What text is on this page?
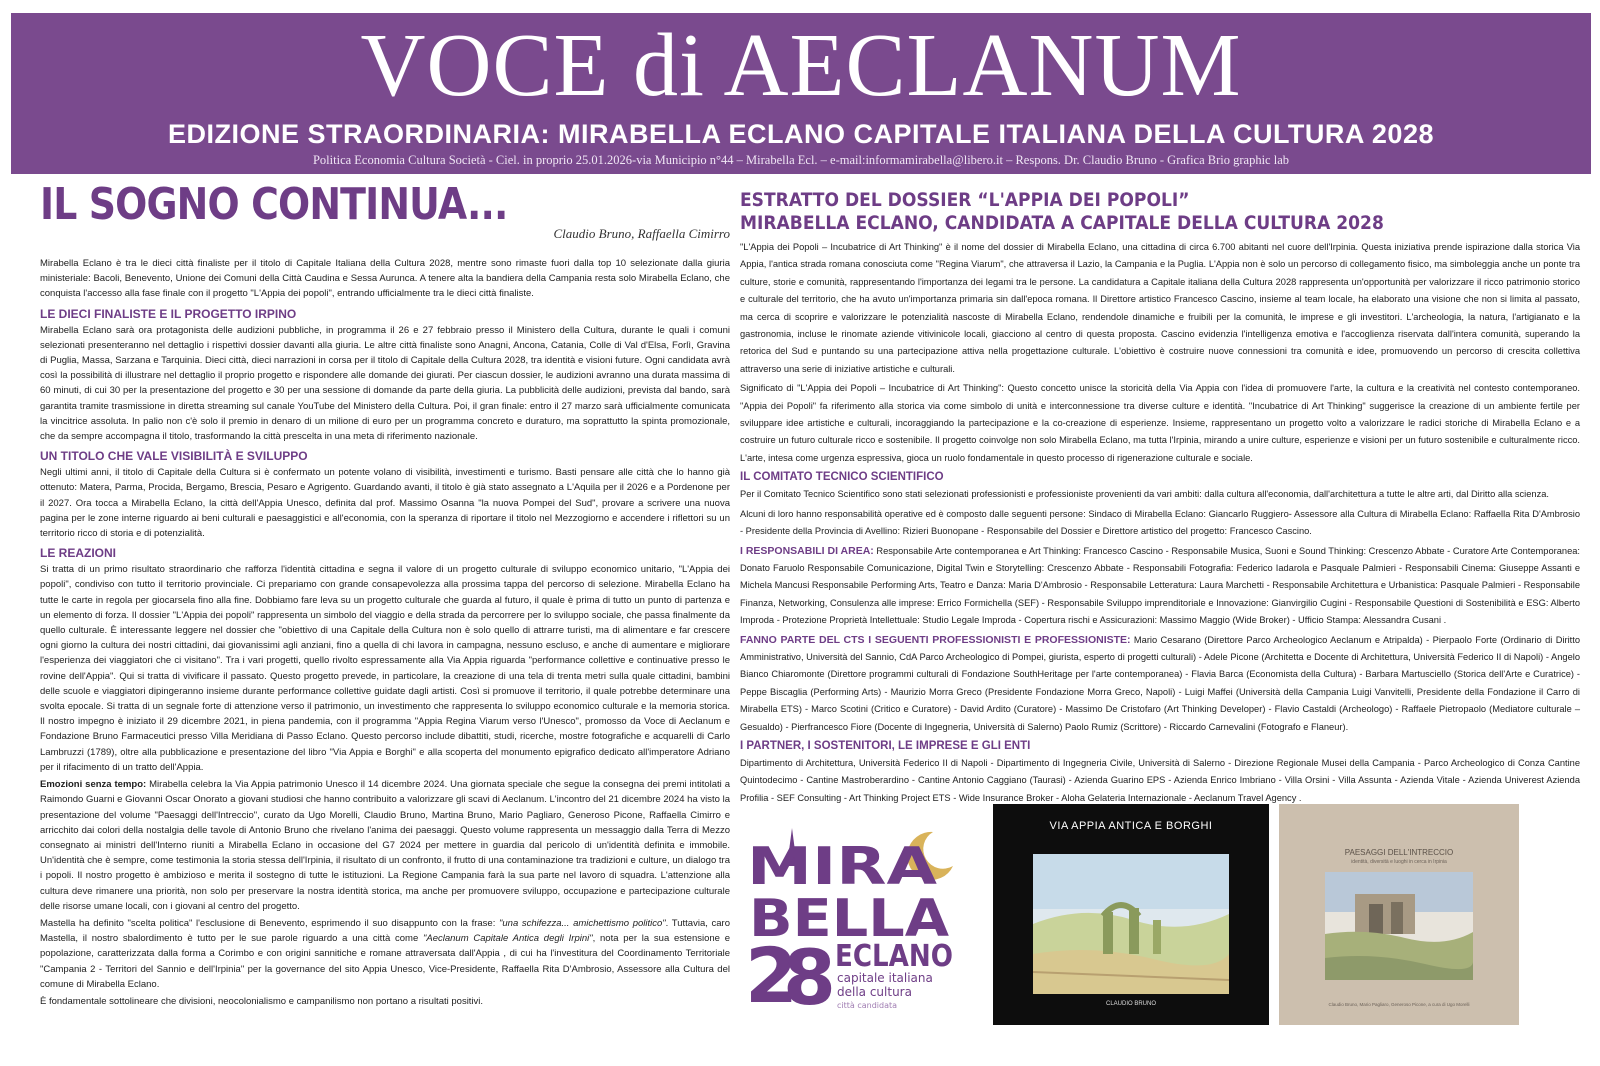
VOCE di AECLANUM
EDIZIONE STRAORDINARIA: MIRABELLA ECLANO CAPITALE ITALIANA DELLA CULTURA 2028
Politica Economia Cultura Società - Ciel. in proprio 25.01.2026-via Municipio n°44 – Mirabella Ecl. – e-mail:informamirabella@libero.it – Respons. Dr. Claudio Bruno - Grafica Brio graphic lab
IL SOGNO CONTINUA...
Claudio Bruno, Raffaella Cimirro

Mirabella Eclano è tra le dieci città finaliste per il titolo di Capitale Italiana della Cultura 2028, mentre sono rimaste fuori dalla top 10 selezionate dalla giuria ministeriale: Bacoli, Benevento, Unione dei Comuni della Città Caudina e Sessa Aurunca. A tenere alta la bandiera della Campania resta solo Mirabella Eclano, che conquista l'accesso alla fase finale con il progetto "L'Appia dei popoli", entrando ufficialmente tra le dieci città finaliste.

LE DIECI FINALISTE E IL PROGETTO IRPINO

Mirabella Eclano sarà ora protagonista delle audizioni pubbliche, in programma il 26 e 27 febbraio presso il Ministero della Cultura, durante le quali i comuni selezionati presenteranno nel dettaglio i rispettivi dossier davanti alla giuria. Le altre città finaliste sono Anagni, Ancona, Catania, Colle di Val d'Elsa, Forlì, Gravina di Puglia, Massa, Sarzana e Tarquinia. Dieci città, dieci narrazioni in corsa per il titolo di Capitale della Cultura 2028, tra identità e visioni future. Ogni candidata avrà così la possibilità di illustrare nel dettaglio il proprio progetto e rispondere alle domande dei giurati. Per ciascun dossier, le audizioni avranno una durata massima di 60 minuti, di cui 30 per la presentazione del progetto e 30 per una sessione di domande da parte della giuria. La pubblicità delle audizioni, prevista dal bando, sarà garantita tramite trasmissione in diretta streaming sul canale YouTube del Ministero della Cultura. Poi, il gran finale: entro il 27 marzo sarà ufficialmente comunicata la vincitrice assoluta. In palio non c'è solo il premio in denaro di un milione di euro per un programma concreto e duraturo, ma soprattutto la spinta promozionale, che da sempre accompagna il titolo, trasformando la città prescelta in una meta di riferimento nazionale.

UN TITOLO CHE VALE VISIBILITÀ E SVILUPPO

Negli ultimi anni, il titolo di Capitale della Cultura si è confermato un potente volano di visibilità, investimenti e turismo. Basti pensare alle città che lo hanno già ottenuto: Matera, Parma, Procida, Bergamo, Brescia, Pesaro e Agrigento. Guardando avanti, il titolo è già stato assegnato a L'Aquila per il 2026 e a Pordenone per il 2027. Ora tocca a Mirabella Eclano, la città dell'Appia Unesco, definita dal prof. Massimo Osanna "la nuova Pompei del Sud", provare a scrivere una nuova pagina per le zone interne riguardo ai beni culturali e paesaggistici e all'economia, con la speranza di riportare il titolo nel Mezzogiorno e accendere i riflettori su un territorio ricco di storia e di potenzialità.

LE REAZIONI

Si tratta di un primo risultato straordinario che rafforza l'identità cittadina e segna il valore di un progetto culturale di sviluppo economico unitario, "L'Appia dei popoli", condiviso con tutto il territorio provinciale. Ci prepariamo con grande consapevolezza alla prossima tappa del percorso di selezione. Mirabella Eclano ha tutte le carte in regola per giocarsela fino alla fine. Dobbiamo fare leva su un progetto culturale che guarda al futuro, il quale è prima di tutto un punto di partenza e un elemento di forza. Il dossier "L'Appia dei popoli" rappresenta un simbolo del viaggio e della strada da percorrere per lo sviluppo sociale, che passa finalmente da quello culturale. È interessante leggere nel dossier che "obiettivo di una Capitale della Cultura non è solo quello di attrarre turisti, ma di alimentare e far crescere ogni giorno la cultura dei nostri cittadini, dai giovanissimi agli anziani, fino a quella di chi lavora in campagna, nessuno escluso, e anche di aumentare e migliorare l'esperienza dei viaggiatori che ci visitano". Tra i vari progetti, quello rivolto espressamente alla Via Appia riguarda "performance collettive e continuative presso le rovine dell'Appia". Qui si tratta di vivificare il passato. Questo progetto prevede, in particolare, la creazione di una tela di trenta metri sulla quale cittadini, bambini delle scuole e viaggiatori dipingeranno insieme durante performance collettive guidate dagli artisti. Così si promuove il territorio, il quale potrebbe determinare una svolta epocale. Si tratta di un segnale forte di attenzione verso il patrimonio, un investimento che rappresenta lo sviluppo economico culturale e la memoria storica. Il nostro impegno è iniziato il 29 dicembre 2021, in piena pandemia, con il programma "Appia Regina Viarum verso l'Unesco", promosso da Voce di Aeclanum e Fondazione Bruno Farmaceutici presso Villa Meridiana di Passo Eclano. Questo percorso include dibattiti, studi, ricerche, mostre fotografiche e acquarelli di Carlo Lambruzzi (1789), oltre alla pubblicazione e presentazione del libro "Via Appia e Borghi" e alla scoperta del monumento epigrafico dedicato all'imperatore Adriano per il rifacimento di un tratto dell'Appia.

Emozioni senza tempo: Mirabella celebra la Via Appia patrimonio Unesco il 14 dicembre 2024. Una giornata speciale che segue la consegna dei premi intitolati a Raimondo Guarni e Giovanni Oscar Onorato a giovani studiosi che hanno contribuito a valorizzare gli scavi di Aeclanum. L'incontro del 21 dicembre 2024 ha visto la presentazione del volume "Paesaggi dell'Intreccio", curato da Ugo Morelli, Claudio Bruno, Martina Bruno, Mario Pagliaro, Generoso Picone, Raffaella Cimirro e arricchito dai colori della nostalgia delle tavole di Antonio Bruno che rivelano l'anima dei paesaggi. Questo volume rappresenta un messaggio dalla Terra di Mezzo consegnato ai ministri dell'Interno riuniti a Mirabella Eclano in occasione del G7 2024 per mettere in guardia dal pericolo di un'identità definita e immobile. Un'identità che è sempre, come testimonia la storia stessa dell'Irpinia, il risultato di un confronto, il frutto di una contaminazione tra tradizioni e culture, un dialogo tra i popoli. Il nostro progetto è ambizioso e merita il sostegno di tutte le istituzioni. La Regione Campania farà la sua parte nel lavoro di squadra. L'attenzione alla cultura deve rimanere una priorità, non solo per preservare la nostra identità storica, ma anche per promuovere sviluppo, occupazione e partecipazione culturale delle risorse umane locali, con i giovani al centro del progetto.

Mastella ha definito "scelta politica" l'esclusione di Benevento, esprimendo il suo disappunto con la frase: "una schifezza... amichettismo politico". Tuttavia, caro Mastella, il nostro sbalordimento è tutto per le sue parole riguardo a una città come "Aeclanum Capitale Antica degli Irpini", nota per la sua estensione e popolazione, caratterizzata dalla forma a Corimbo e con origini sannitiche e romane attraversata dall'Appia , di cui ha l'investitura del Coordinamento Territoriale "Campania 2 - Territori del Sannio e dell'Irpinia" per la governance del sito Appia Unesco, Vice-Presidente, Raffaella Rita D'Ambrosio, Assessore alla Cultura del comune di Mirabella Eclano.

È fondamentale sottolineare che divisioni, neocolonialismo e campanilismo non portano a risultati positivi.

ESTRATTO DEL DOSSIER “L'APPIA DEI POPOLI”
MIRABELLA ECLANO, CANDIDATA A CAPITALE DELLA CULTURA 2028

"L'Appia dei Popoli – Incubatrice di Art Thinking" è il nome del dossier di Mirabella Eclano, una cittadina di circa 6.700 abitanti nel cuore dell'Irpinia. Questa iniziativa prende ispirazione dalla storica Via Appia, l'antica strada romana conosciuta come "Regina Viarum", che attraversa il Lazio, la Campania e la Puglia. L'Appia non è solo un percorso di collegamento fisico, ma simboleggia anche un ponte tra culture, storie e comunità, rappresentando l'importanza dei legami tra le persone. La candidatura a Capitale italiana della Cultura 2028 rappresenta un'opportunità per valorizzare il ricco patrimonio storico e culturale del territorio, che ha avuto un'importanza primaria sin dall'epoca romana. Il Direttore artistico Francesco Cascino, insieme al team locale, ha elaborato una visione che non si limita al passato, ma cerca di scoprire e valorizzare le potenzialità nascoste di Mirabella Eclano, rendendole dinamiche e fruibili per la comunità, le imprese e gli investitori. L'archeologia, la natura, l'artigianato e la gastronomia, incluse le rinomate aziende vitivinicole locali, giacciono al centro di questa proposta. Cascino evidenzia l'intelligenza emotiva e l'accoglienza riservata dall'intera comunità, superando la retorica del Sud e puntando su una partecipazione attiva nella progettazione culturale. L'obiettivo è costruire nuove connessioni tra comunità e idee, promuovendo un percorso di crescita collettiva attraverso una serie di iniziative artistiche e culturali.

Significato di "L'Appia dei Popoli – Incubatrice di Art Thinking": Questo concetto unisce la storicità della Via Appia con l'idea di promuovere l'arte, la cultura e la creatività nel contesto contemporaneo. "Appia dei Popoli" fa riferimento alla storica via come simbolo di unità e interconnessione tra diverse culture e identità. "Incubatrice di Art Thinking" suggerisce la creazione di un ambiente fertile per sviluppare idee artistiche e culturali, incoraggiando la partecipazione e la co-creazione di esperienze. Insieme, rappresentano un progetto volto a valorizzare le radici storiche di Mirabella Eclano e a costruire un futuro culturale ricco e sostenibile. Il progetto coinvolge non solo Mirabella Eclano, ma tutta l'Irpinia, mirando a unire culture, esperienze e visioni per un futuro sostenibile e culturalmente ricco. L'arte, intesa come urgenza espressiva, gioca un ruolo fondamentale in questo processo di rigenerazione culturale e sociale.

IL COMITATO TECNICO SCIENTIFICO

Per il Comitato Tecnico Scientifico sono stati selezionati professionisti e professioniste provenienti da vari ambiti: dalla cultura all'economia, dall'architettura a tutte le altre arti, dal Diritto alla scienza.

Alcuni di loro hanno responsabilità operative ed è composto dalle seguenti persone: Sindaco di Mirabella Eclano: Giancarlo Ruggiero- Assessore alla Cultura di Mirabella Eclano: Raffaella Rita D'Ambrosio - Presidente della Provincia di Avellino: Rizieri Buonopane - Responsabile del Dossier e Direttore artistico del progetto: Francesco Cascino.

I RESPONSABILI DI AREA: Responsabile Arte contemporanea e Art Thinking: Francesco Cascino - Responsabile Musica, Suoni e Sound Thinking: Crescenzo Abbate - Curatore Arte Contemporanea: Donato Faruolo Responsabile Comunicazione, Digital Twin e Storytelling: Crescenzo Abbate - Responsabili Fotografia: Federico Iadarola e Pasquale Palmieri - Responsabili Cinema: Giuseppe Assanti e Michela Mancusi Responsabile Performing Arts, Teatro e Danza: Maria D'Ambrosio - Responsabile Letteratura: Laura Marchetti - Responsabile Architettura e Urbanistica: Pasquale Palmieri - Responsabile Finanza, Networking, Consulenza alle imprese: Errico Formichella (SEF) - Responsabile Sviluppo imprenditoriale e Innovazione: Gianvirgilio Cugini - Responsabile Questioni di Sostenibilità e ESG: Alberto Improda - Protezione Proprietà Intellettuale: Studio Legale Improda - Copertura rischi e Assicurazioni: Massimo Maggio (Wide Broker) - Ufficio Stampa: Alessandra Cusani .

FANNO PARTE DEL CTS I SEGUENTI PROFESSIONISTI E PROFESSIONISTE: Mario Cesarano (Direttore Parco Archeologico Aeclanum e Atripalda) - Pierpaolo Forte (Ordinario di Diritto Amministrativo, Università del Sannio, CdA Parco Archeologico di Pompei, giurista, esperto di progetti culturali) - Adele Picone (Architetta e Docente di Architettura, Università Federico II di Napoli) - Angelo Bianco Chiaromonte (Direttore programmi culturali di Fondazione SouthHeritage per l'arte contemporanea) - Flavia Barca (Economista della Cultura) - Barbara Martusciello (Storica dell'Arte e Curatrice) - Peppe Biscaglia (Performing Arts) - Maurizio Morra Greco (Presidente Fondazione Morra Greco, Napoli) - Luigi Maffei (Università della Campania Luigi Vanvitelli, Presidente della Fondazione il Carro di Mirabella ETS) - Marco Scotini (Critico e Curatore) - David Ardito (Curatore) - Massimo De Cristofaro (Art Thinking Developer) - Flavio Castaldi (Archeologo) - Raffaele Pietropaolo (Mediatore culturale – Gesualdo) - Pierfrancesco Fiore (Docente di Ingegneria, Università di Salerno) Paolo Rumiz (Scrittore) - Riccardo Carnevalini (Fotografo e Flaneur).

I PARTNER, I SOSTENITORI, LE IMPRESE E GLI ENTI

Dipartimento di Architettura, Università Federico II di Napoli - Dipartimento di Ingegneria Civile, Università di Salerno - Direzione Regionale Musei della Campania - Parco Archeologico di Conza Cantine Quintodecimo - Cantine Mastroberardino - Cantine Antonio Caggiano (Taurasi) - Azienda Guarino EPS - Azienda Enrico Imbriano - Villa Orsini - Villa Assunta - Azienda Vitale - Azienda Univerest Azienda Profilia - SEF Consulting - Art Thinking Project ETS - Wide Insurance Broker - Aloha Gelateria Internazionale - Aeclanum Travel Agency .

MIRA
BELLA
2
8 ECLANO
capitale italiana
della cultura
città candidata
VIA APPIA ANTICA E BORGHI
CLAUDIO BRUNO
PAESAGGI DELL'INTRECCIO
identità, diversità e luoghi in cerca in Irpinia
Claudio Bruno, Mario Pagliaro, Generoso Picone, a cura di Ugo Morelli
